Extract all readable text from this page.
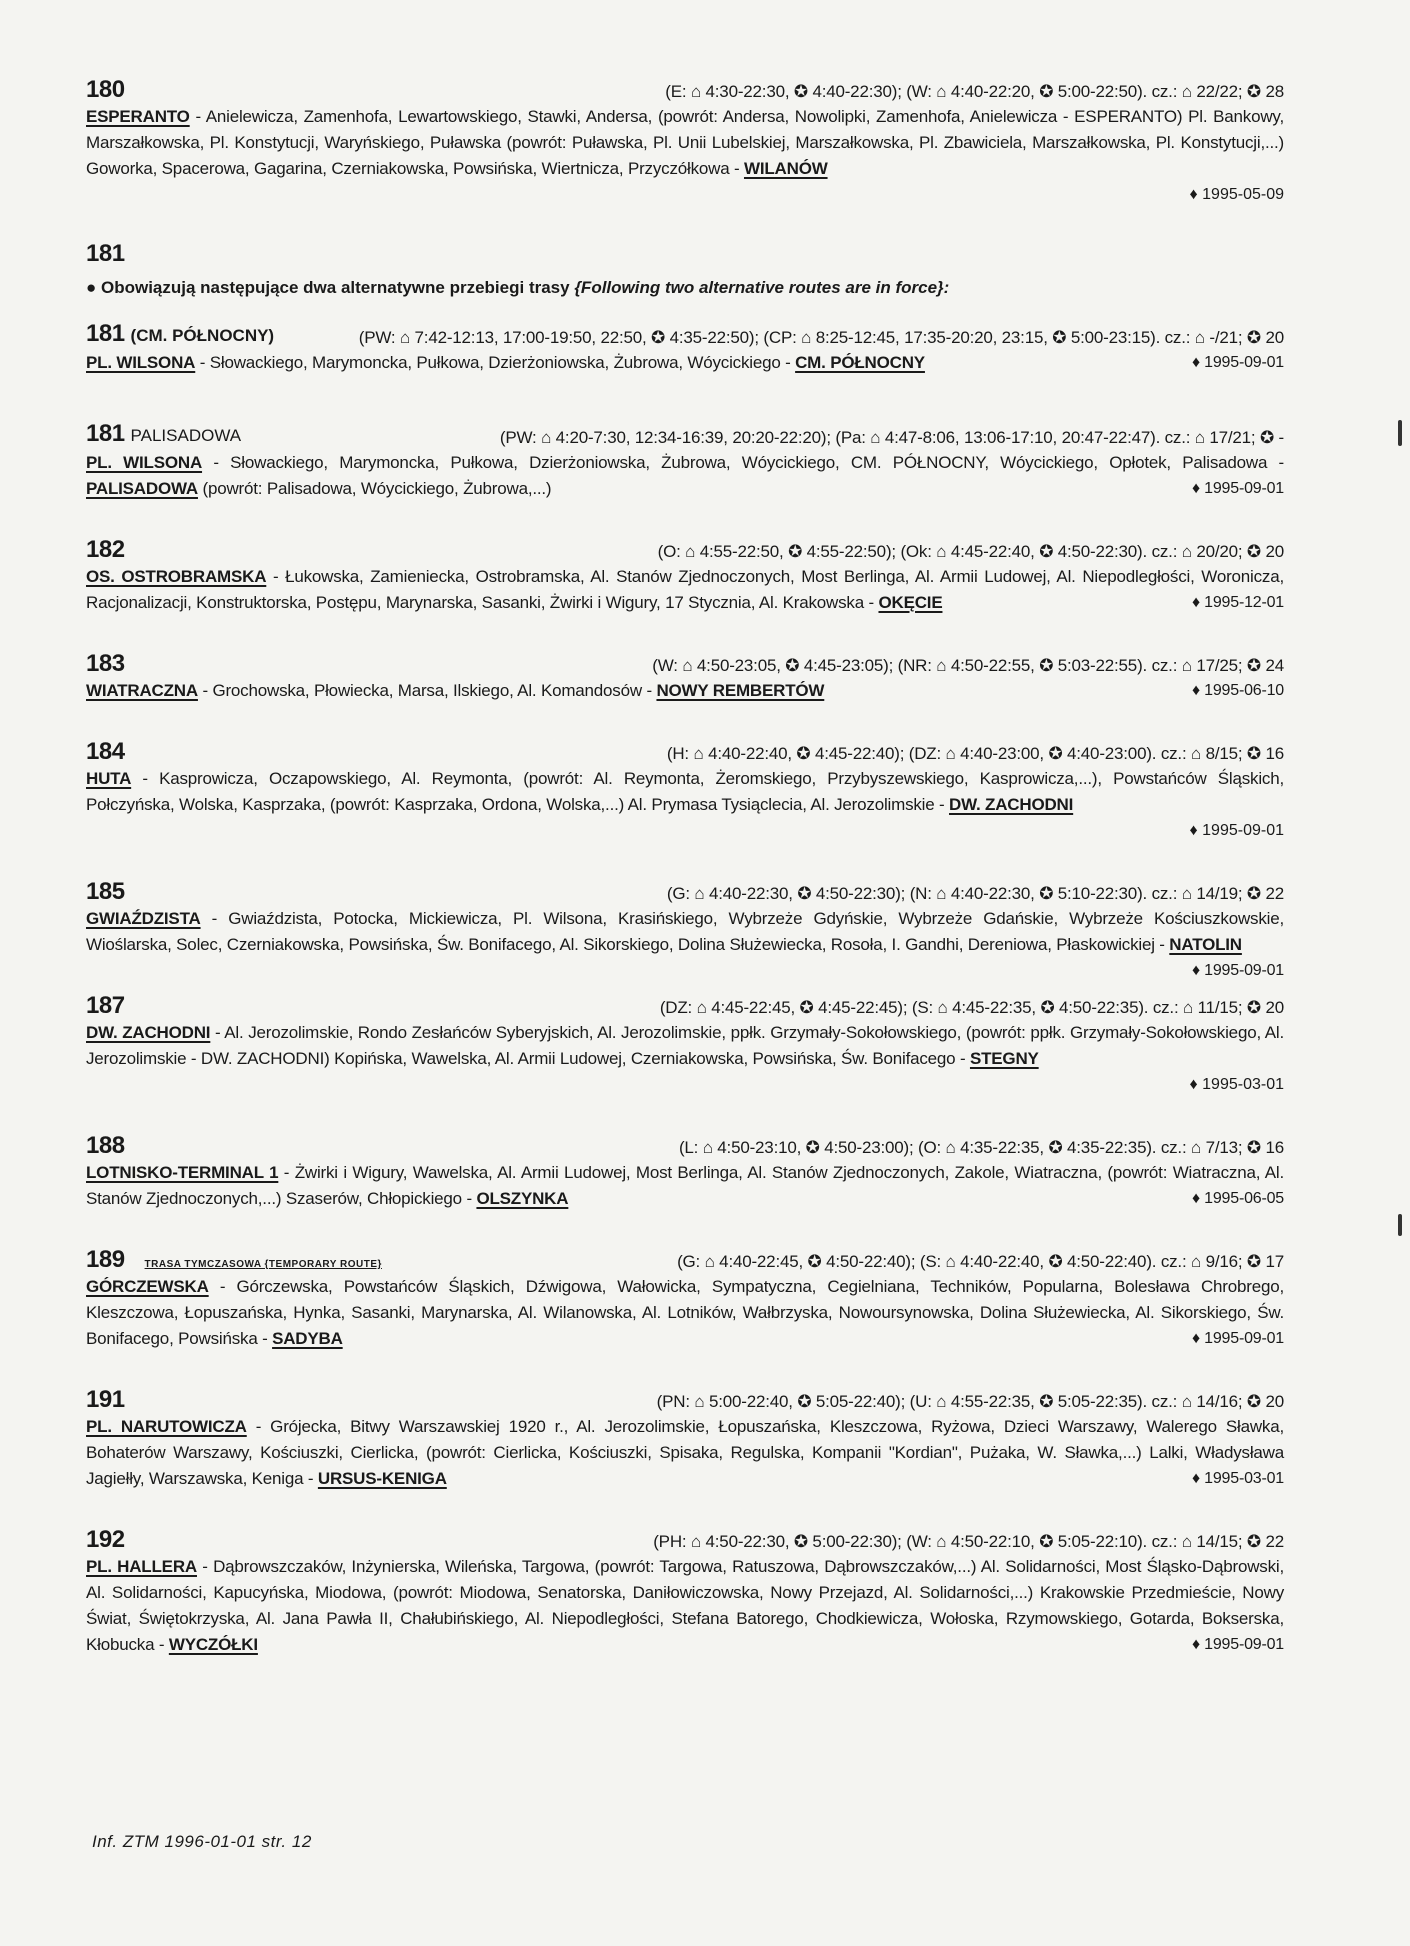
180	(E: ⌂ 4:30-22:30, ✪ 4:40-22:30); (W: ⌂ 4:40-22:20, ✪ 5:00-22:50). cz.: ⌂ 22/22; ✪ 28
ESPERANTO - Anielewicza, Zamenhofa, Lewartowskiego, Stawki, Andersa, (powrót: Andersa, Nowolipki, Zamenhofa, Anielewicza - ESPERANTO) Pl. Bankowy, Marszałkowska, Pl. Konstytucji, Waryńskiego, Puławska (powrót: Puławska, Pl. Unii Lubelskiej, Marszałkowska, Pl. Zbawiciela, Marszałkowska, Pl. Konstytucji,...) Goworka, Spacerowa, Gagarina, Czerniakowska, Powsińska, Wiertnicza, Przyczółkowa - WILANÓW
♦ 1995-05-09
181
● Obowiązują następujące dwa alternatywne przebiegi trasy {Following two alternative routes are in force}:
181 (CM. PÓŁNOCNY)	(PW: ⌂ 7:42-12:13, 17:00-19:50, 22:50, ✪ 4:35-22:50); (CP: ⌂ 8:25-12:45, 17:35-20:20, 23:15, ✪ 5:00-23:15). cz.: ⌂ -/21; ✪ 20
♦ 1995-09-01
PL. WILSONA - Słowackiego, Marymoncka, Pułkowa, Dzierżoniowska, Żubrowa, Wóycickiego - CM. PÓŁNOCNY
181 PALISADOWA	(PW: ⌂ 4:20-7:30, 12:34-16:39, 20:20-22:20); (Pa: ⌂ 4:47-8:06, 13:06-17:10, 20:47-22:47). cz.: ⌂ 17/21; ✪ -
PL. WILSONA - Słowackiego, Marymoncka, Pułkowa, Dzierżoniowska, Żubrowa, Wóycickiego, CM. PÓŁNOCNY, Wóycickiego, Opłotek, Palisadowa - PALISADOWA (powrót: Palisadowa, Wóycickiego, Żubrowa,...)	♦ 1995-09-01
182	(O: ⌂ 4:55-22:50, ✪ 4:55-22:50); (Ok: ⌂ 4:45-22:40, ✪ 4:50-22:30). cz.: ⌂ 20/20; ✪ 20
OS. OSTROBRAMSKA - Łukowska, Zamieniecka, Ostrobramska, Al. Stanów Zjednoczonych, Most Berlinga, Al. Armii Ludowej, Al. Niepodległości, Woronicza, Racjonalizacji, Konstruktorska, Postępu, Marynarska, Sasanki, Żwirki i Wigury, 17 Stycznia, Al. Krakowska - OKĘCIE	♦ 1995-12-01
183	(W: ⌂ 4:50-23:05, ✪ 4:45-23:05); (NR: ⌂ 4:50-22:55, ✪ 5:03-22:55). cz.: ⌂ 17/25; ✪ 24
♦ 1995-06-10
WIATRACZNA - Grochowska, Płowiecka, Marsa, Ilskiego, Al. Komandosów - NOWY REMBERTÓW
184	(H: ⌂ 4:40-22:40, ✪ 4:45-22:40); (DZ: ⌂ 4:40-23:00, ✪ 4:40-23:00). cz.: ⌂ 8/15; ✪ 16
HUTA - Kasprowicza, Oczapowskiego, Al. Reymonta, (powrót: Al. Reymonta, Żeromskiego, Przybyszewskiego, Kasprowicza,...), Powstańców Śląskich, Połczyńska, Wolska, Kasprzaka, (powrót: Kasprzaka, Ordona, Wolska,...) Al. Prymasa Tysiąclecia, Al. Jerozolimskie - DW. ZACHODNI
♦ 1995-09-01
185	(G: ⌂ 4:40-22:30, ✪ 4:50-22:30); (N: ⌂ 4:40-22:30, ✪ 5:10-22:30). cz.: ⌂ 14/19; ✪ 22
GWIAŹDZISTA - Gwiaździsta, Potocka, Mickiewicza, Pl. Wilsona, Krasińskiego, Wybrzeże Gdyńskie, Wybrzeże Gdańskie, Wybrzeże Kościuszkowskie, Wioślarska, Solec, Czerniakowska, Powsińska, Św. Bonifacego, Al. Sikorskiego, Dolina Służewiecka, Rosoła, I. Gandhi, Dereniowa, Płaskowickiej - NATOLIN
♦ 1995-09-01
187	(DZ: ⌂ 4:45-22:45, ✪ 4:45-22:45); (S: ⌂ 4:45-22:35, ✪ 4:50-22:35). cz.: ⌂ 11/15; ✪ 20
DW. ZACHODNI - Al. Jerozolimskie, Rondo Zesłańców Syberyjskich, Al. Jerozolimskie, ppłk. Grzymały-Sokołowskiego, (powrót: ppłk. Grzymały-Sokołowskiego, Al. Jerozolimskie - DW. ZACHODNI) Kopińska, Wawelska, Al. Armii Ludowej, Czerniakowska, Powsińska, Św. Bonifacego - STEGNY
♦ 1995-03-01
188	(L: ⌂ 4:50-23:10, ✪ 4:50-23:00); (O: ⌂ 4:35-22:35, ✪ 4:35-22:35). cz.: ⌂ 7/13; ✪ 16
LOTNISKO-TERMINAL 1 - Żwirki i Wigury, Wawelska, Al. Armii Ludowej, Most Berlinga, Al. Stanów Zjednoczonych, Zakole, Wiatraczna, (powrót: Wiatraczna, Al. Stanów Zjednoczonych,...) Szaserów, Chłopickiego - OLSZYNKA	♦ 1995-06-05
189 TRASA TYMCZASOWA {TEMPORARY ROUTE}	(G: ⌂ 4:40-22:45, ✪ 4:50-22:40); (S: ⌂ 4:40-22:40, ✪ 4:50-22:40). cz.: ⌂ 9/16; ✪ 17
GÓRCZEWSKA - Górczewska, Powstańców Śląskich, Dźwigowa, Wałowicka, Sympatyczna, Cegielniana, Techników, Popularna, Bolesława Chrobrego, Kleszczowa, Łopuszańska, Hynka, Sasanki, Marynarska, Al. Wilanowska, Al. Lotników, Wałbrzyska, Nowoursynowska, Dolina Służewiecka, Al. Sikorskiego, Św. Bonifacego, Powsińska - SADYBA	♦ 1995-09-01
191	(PN: ⌂ 5:00-22:40, ✪ 5:05-22:40); (U: ⌂ 4:55-22:35, ✪ 5:05-22:35). cz.: ⌂ 14/16; ✪ 20
PL. NARUTOWICZA - Grójecka, Bitwy Warszawskiej 1920 r., Al. Jerozolimskie, Łopuszańska, Kleszczowa, Ryżowa, Dzieci Warszawy, Walerego Sławka, Bohaterów Warszawy, Kościuszki, Cierlicka, (powrót: Cierlicka, Kościuszki, Spisaka, Regulska, Kompanii "Kordian", Pużaka, W. Sławka,...) Lalki, Władysława Jagiełły, Warszawska, Keniga - URSUS-KENIGA	♦ 1995-03-01
192	(PH: ⌂ 4:50-22:30, ✪ 5:00-22:30); (W: ⌂ 4:50-22:10, ✪ 5:05-22:10). cz.: ⌂ 14/15; ✪ 22
PL. HALLERA - Dąbrowszczaków, Inżynierska, Wileńska, Targowa, (powrót: Targowa, Ratuszowa, Dąbrowszczaków,...) Al. Solidarności, Most Śląsko-Dąbrowski, Al. Solidarności, Kapucyńska, Miodowa, (powrót: Miodowa, Senatorska, Daniłowiczowska, Nowy Przejazd, Al. Solidarności,...) Krakowskie Przedmieście, Nowy Świat, Świętokrzyska, Al. Jana Pawła II, Chałubińskiego, Al. Niepodległości, Stefana Batorego, Chodkiewicza, Wołoska, Rzymowskiego, Gotarda, Bokserska, Kłobucka - WYCZÓŁKI	♦ 1995-09-01
Inf. ZTM 1996-01-01 str. 12
